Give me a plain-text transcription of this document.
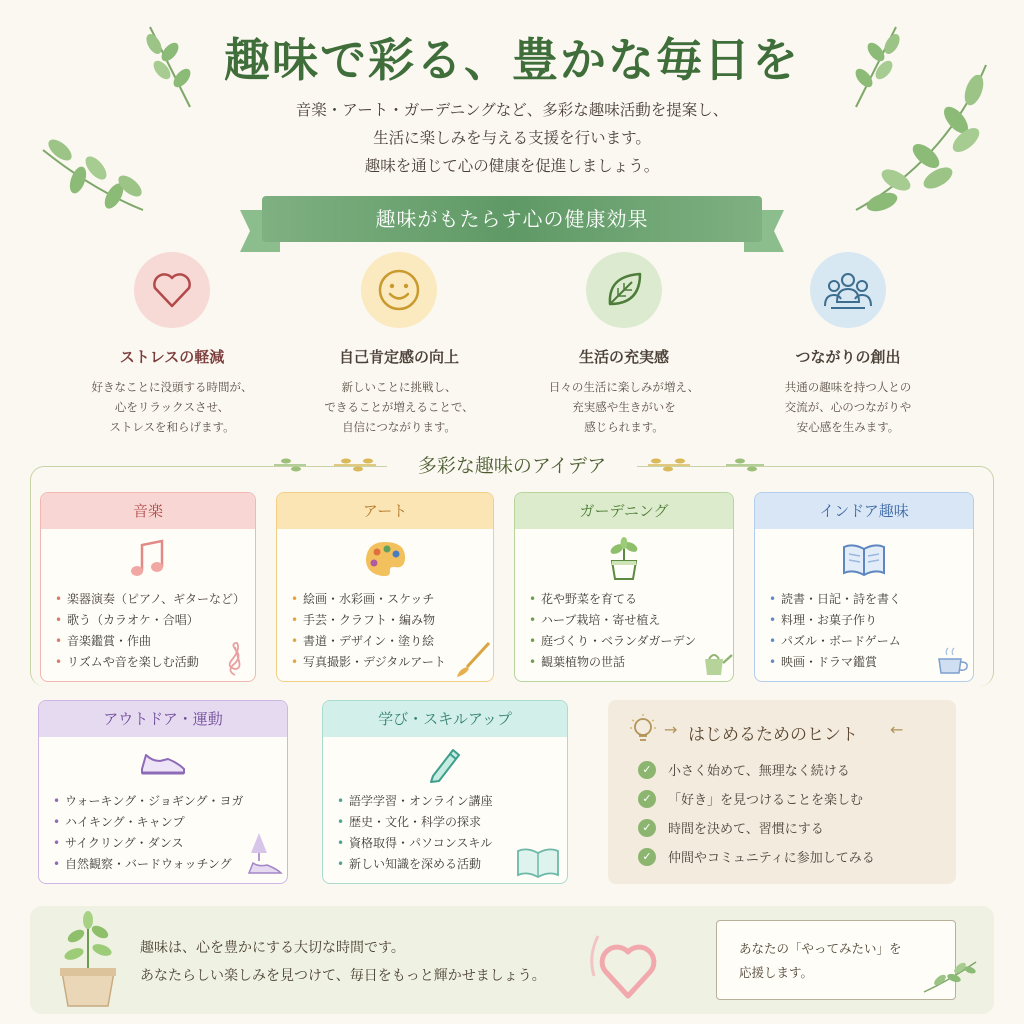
趣味で彩る、豊かな毎日を
音楽・アート・ガーデニングなど、多彩な趣味活動を提案し、
生活に楽しみを与える支援を行います。
趣味を通じて心の健康を促進しましょう。
趣味がもたらす心の健康効果
ストレスの軽減
好きなことに没頭する時間が、
心をリラックスさせ、
ストレスを和らげます。
自己肯定感の向上
新しいことに挑戦し、
できることが増えることで、
自信につながります。
生活の充実感
日々の生活に楽しみが増え、
充実感や生きがいを
感じられます。
つながりの創出
共通の趣味を持つ人との
交流が、心のつながりや
安心感を生みます。
多彩な趣味のアイデア
音楽
• 楽器演奏（ピアノ、ギターなど）
• 歌う（カラオケ・合唱）
• 音楽鑑賞・作曲
• リズムや音を楽しむ活動
アート
• 絵画・水彩画・スケッチ
• 手芸・クラフト・編み物
• 書道・デザイン・塗り絵
• 写真撮影・デジタルアート
ガーデニング
• 花や野菜を育てる
• ハーブ栽培・寄せ植え
• 庭づくり・ベランダガーデン
• 観葉植物の世話
インドア趣味
• 読書・日記・詩を書く
• 料理・お菓子作り
• パズル・ボードゲーム
• 映画・ドラマ鑑賞
アウトドア・運動
• ウォーキング・ジョギング・ヨガ
• ハイキング・キャンプ
• サイクリング・ダンス
• 自然観察・バードウォッチング
学び・スキルアップ
• 語学学習・オンライン講座
• 歴史・文化・科学の探求
• 資格取得・パソコンスキル
• 新しい知識を深める活動
→ はじめるためのヒント ←
✓	小さく始めて、無理なく続ける
✓	「好き」を見つけることを楽しむ
✓	時間を決めて、習慣にする
✓	仲間やコミュニティに参加してみる
趣味は、心を豊かにする大切な時間です。
あなたらしい楽しみを見つけて、毎日をもっと輝かせましょう。
あなたの「やってみたい」を
応援します。
